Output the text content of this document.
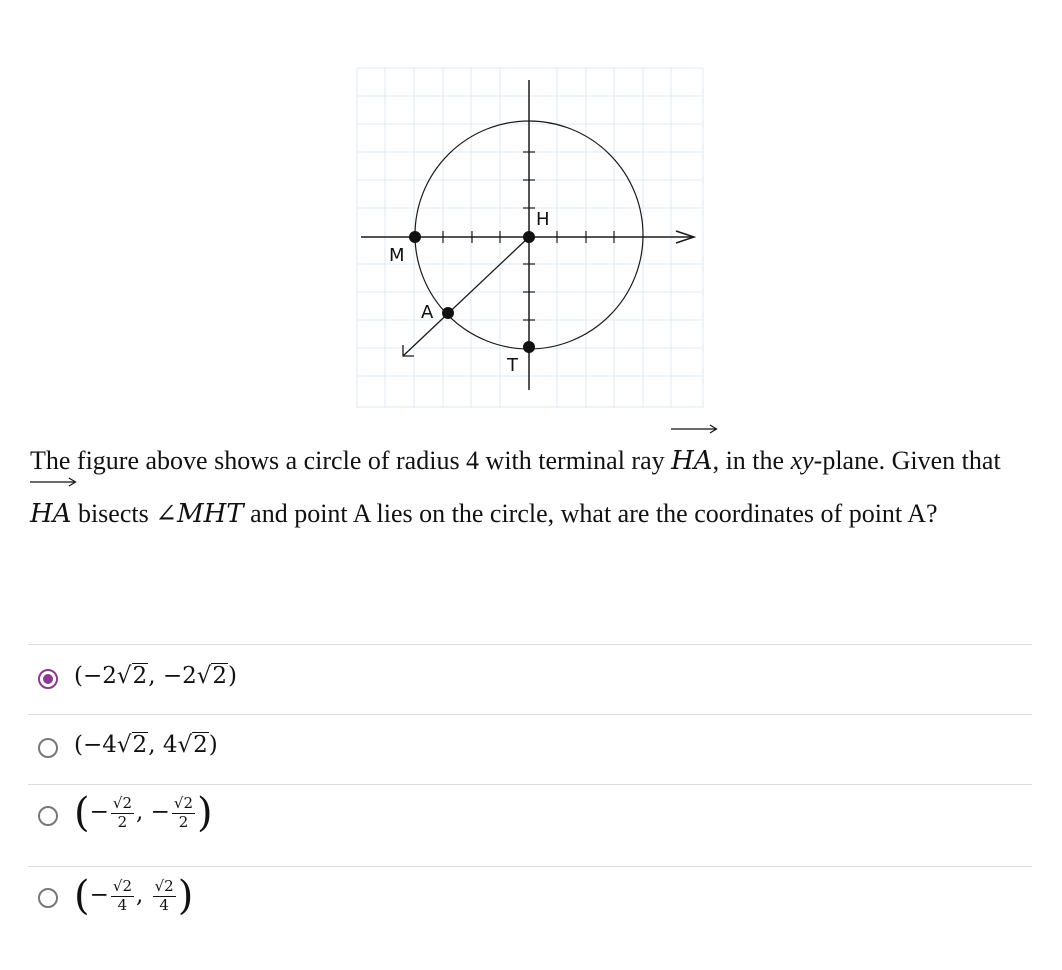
H
M
A
T

The figure above shows a circle of radius 4 with terminal ray
HA, in the xy-plane. Given that
HA bisects ∠MHT and point A lies on the circle, what are the coordinates of point A?

(−2√2, −2√2)
(−4√2, 4√2)
(− $\frac{√2}{2}$ , − $\frac{√2}{2}$ )
(− $\frac{√2}{4}$ , $\frac{√2}{4}$ )
